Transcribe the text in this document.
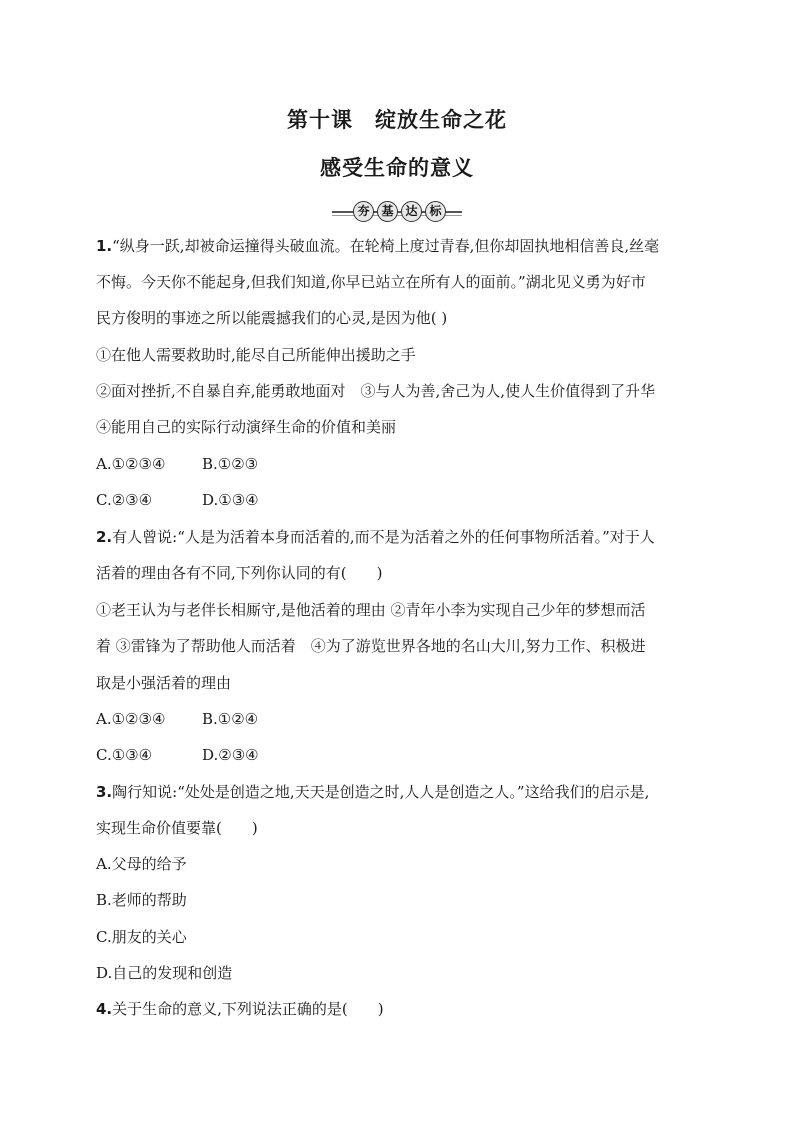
第十课　绽放生命之花
感受生命的意义
夯 基 达 标
1.“纵身一跃,却被命运撞得头破血流。在轮椅上度过青春,但你却固执地相信善良,丝毫
不悔。今天你不能起身,但我们知道,你早已站立在所有人的面前。”湖北见义勇为好市
民方俊明的事迹之所以能震撼我们的心灵,是因为他( )
①在他人需要救助时,能尽自己所能伸出援助之手
②面对挫折,不自暴自弃,能勇敢地面对　③与人为善,舍己为人,使人生价值得到了升华
④能用自己的实际行动演绎生命的价值和美丽
A.①②③④ B.①②③
C.②③④	D.①③④
2.有人曾说:“人是为活着本身而活着的,而不是为活着之外的任何事物所活着。”对于人
活着的理由各有不同,下列你认同的有(　　)
①老王认为与老伴长相厮守,是他活着的理由 ②青年小李为实现自己少年的梦想而活
着 ③雷锋为了帮助他人而活着　④为了游览世界各地的名山大川,努力工作、积极进
取是小强活着的理由
A.①②③④ B.①②④
C.①③④	D.②③④
3.陶行知说:“处处是创造之地,天天是创造之时,人人是创造之人。”这给我们的启示是,
实现生命价值要靠(　　)
A.父母的给予
B.老师的帮助
C.朋友的关心
D.自己的发现和创造
4.关于生命的意义,下列说法正确的是(　　)
